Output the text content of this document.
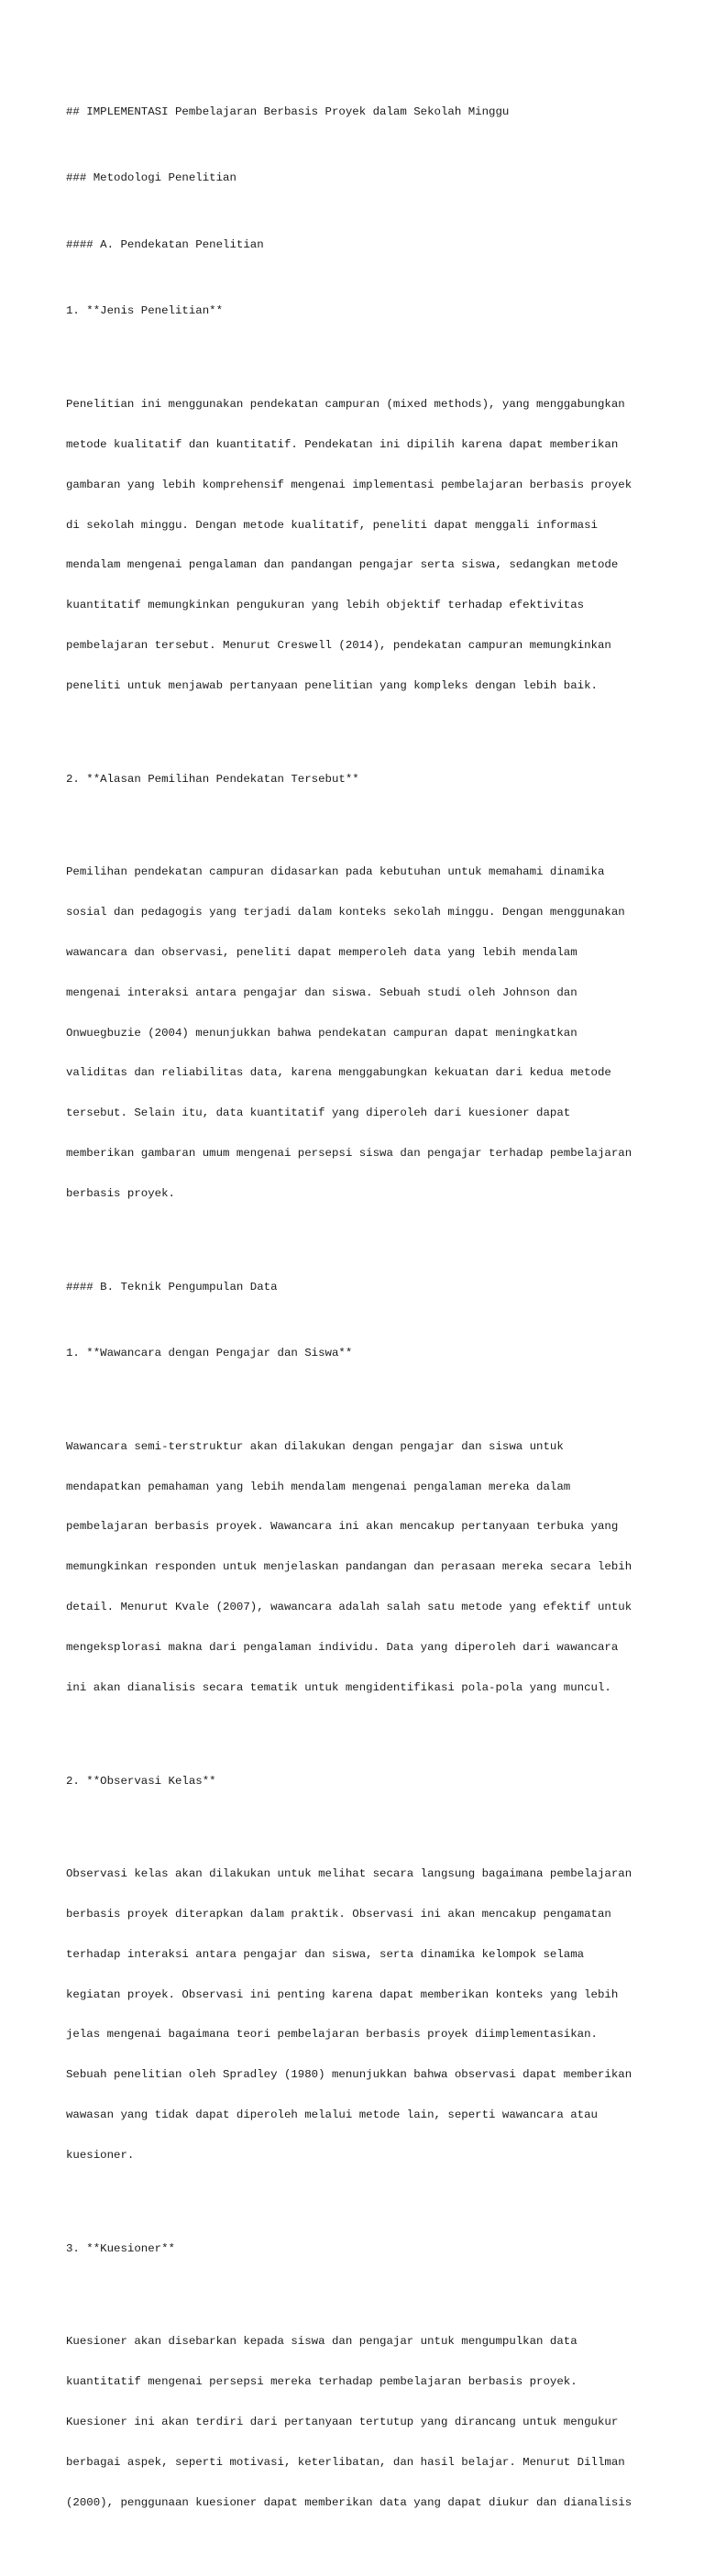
## IMPLEMENTASI Pembelajaran Berbasis Proyek dalam Sekolah Minggu

### Metodologi Penelitian

#### A. Pendekatan Penelitian

1. **Jenis Penelitian**

Penelitian ini menggunakan pendekatan campuran (mixed methods), yang menggabungkan

metode kualitatif dan kuantitatif. Pendekatan ini dipilih karena dapat memberikan

gambaran yang lebih komprehensif mengenai implementasi pembelajaran berbasis proyek

di sekolah minggu. Dengan metode kualitatif, peneliti dapat menggali informasi

mendalam mengenai pengalaman dan pandangan pengajar serta siswa, sedangkan metode

kuantitatif memungkinkan pengukuran yang lebih objektif terhadap efektivitas

pembelajaran tersebut. Menurut Creswell (2014), pendekatan campuran memungkinkan

peneliti untuk menjawab pertanyaan penelitian yang kompleks dengan lebih baik.

2. **Alasan Pemilihan Pendekatan Tersebut**

Pemilihan pendekatan campuran didasarkan pada kebutuhan untuk memahami dinamika

sosial dan pedagogis yang terjadi dalam konteks sekolah minggu. Dengan menggunakan

wawancara dan observasi, peneliti dapat memperoleh data yang lebih mendalam

mengenai interaksi antara pengajar dan siswa. Sebuah studi oleh Johnson dan

Onwuegbuzie (2004) menunjukkan bahwa pendekatan campuran dapat meningkatkan

validitas dan reliabilitas data, karena menggabungkan kekuatan dari kedua metode

tersebut. Selain itu, data kuantitatif yang diperoleh dari kuesioner dapat

memberikan gambaran umum mengenai persepsi siswa dan pengajar terhadap pembelajaran

berbasis proyek.

#### B. Teknik Pengumpulan Data

1. **Wawancara dengan Pengajar dan Siswa**

Wawancara semi-terstruktur akan dilakukan dengan pengajar dan siswa untuk

mendapatkan pemahaman yang lebih mendalam mengenai pengalaman mereka dalam

pembelajaran berbasis proyek. Wawancara ini akan mencakup pertanyaan terbuka yang

memungkinkan responden untuk menjelaskan pandangan dan perasaan mereka secara lebih

detail. Menurut Kvale (2007), wawancara adalah salah satu metode yang efektif untuk

mengeksplorasi makna dari pengalaman individu. Data yang diperoleh dari wawancara

ini akan dianalisis secara tematik untuk mengidentifikasi pola-pola yang muncul.

2. **Observasi Kelas**

Observasi kelas akan dilakukan untuk melihat secara langsung bagaimana pembelajaran

berbasis proyek diterapkan dalam praktik. Observasi ini akan mencakup pengamatan

terhadap interaksi antara pengajar dan siswa, serta dinamika kelompok selama

kegiatan proyek. Observasi ini penting karena dapat memberikan konteks yang lebih

jelas mengenai bagaimana teori pembelajaran berbasis proyek diimplementasikan.

Sebuah penelitian oleh Spradley (1980) menunjukkan bahwa observasi dapat memberikan

wawasan yang tidak dapat diperoleh melalui metode lain, seperti wawancara atau

kuesioner.

3. **Kuesioner**

Kuesioner akan disebarkan kepada siswa dan pengajar untuk mengumpulkan data

kuantitatif mengenai persepsi mereka terhadap pembelajaran berbasis proyek.

Kuesioner ini akan terdiri dari pertanyaan tertutup yang dirancang untuk mengukur

berbagai aspek, seperti motivasi, keterlibatan, dan hasil belajar. Menurut Dillman

(2000), penggunaan kuesioner dapat memberikan data yang dapat diukur dan dianalisis
